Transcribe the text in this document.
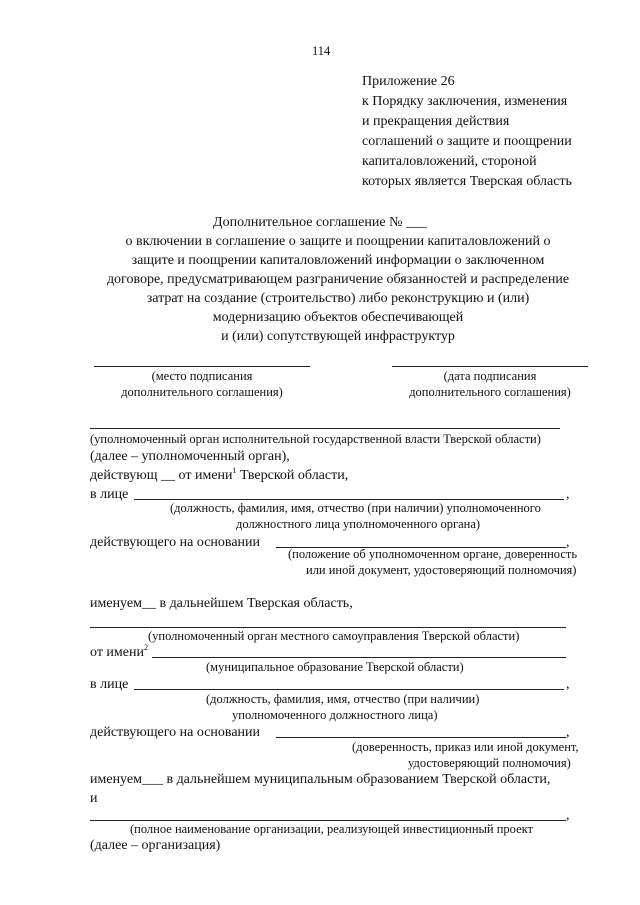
114
Приложение 26
к Порядку заключения, изменения
и прекращения действия
соглашений о защите и поощрении
капиталовложений, стороной
которых является Тверская область
Дополнительное соглашение № ___
о включении в соглашение о защите и поощрении капиталовложений о
защите и поощрении капиталовложений информации о заключенном
договоре, предусматривающем разграничение обязанностей и распределение
затрат на создание (строительство) либо реконструкцию и (или)
модернизацию объектов обеспечивающей
и (или) сопутствующей инфраструктур
(место подписания
дополнительного соглашения)
(дата подписания
дополнительного соглашения)
(уполномоченный орган исполнительной государственной власти Тверской области)
(далее – уполномоченный орган),
действующ __ от имени$^1$ Тверской области,
в лице	,
(должность, фамилия, имя, отчество (при наличии) уполномоченного
должностного лица уполномоченного органа)
действующего на основании	,
(положение об уполномоченном органе, доверенность
или иной документ, удостоверяющий полномочия)
именуем__ в дальнейшем Тверская область,
(уполномоченный орган местного самоуправления Тверской области)
от имени$^2$
(муниципальное образование Тверской области)
в лице	,
(должность, фамилия, имя, отчество (при наличии)
уполномоченного должностного лица)
действующего на основании	,
(доверенность, приказ или иной документ,
удостоверяющий полномочия)
именуем___ в дальнейшем муниципальным образованием Тверской области,
и
,
(полное наименование организации, реализующей инвестиционный проект
(далее – организация)
